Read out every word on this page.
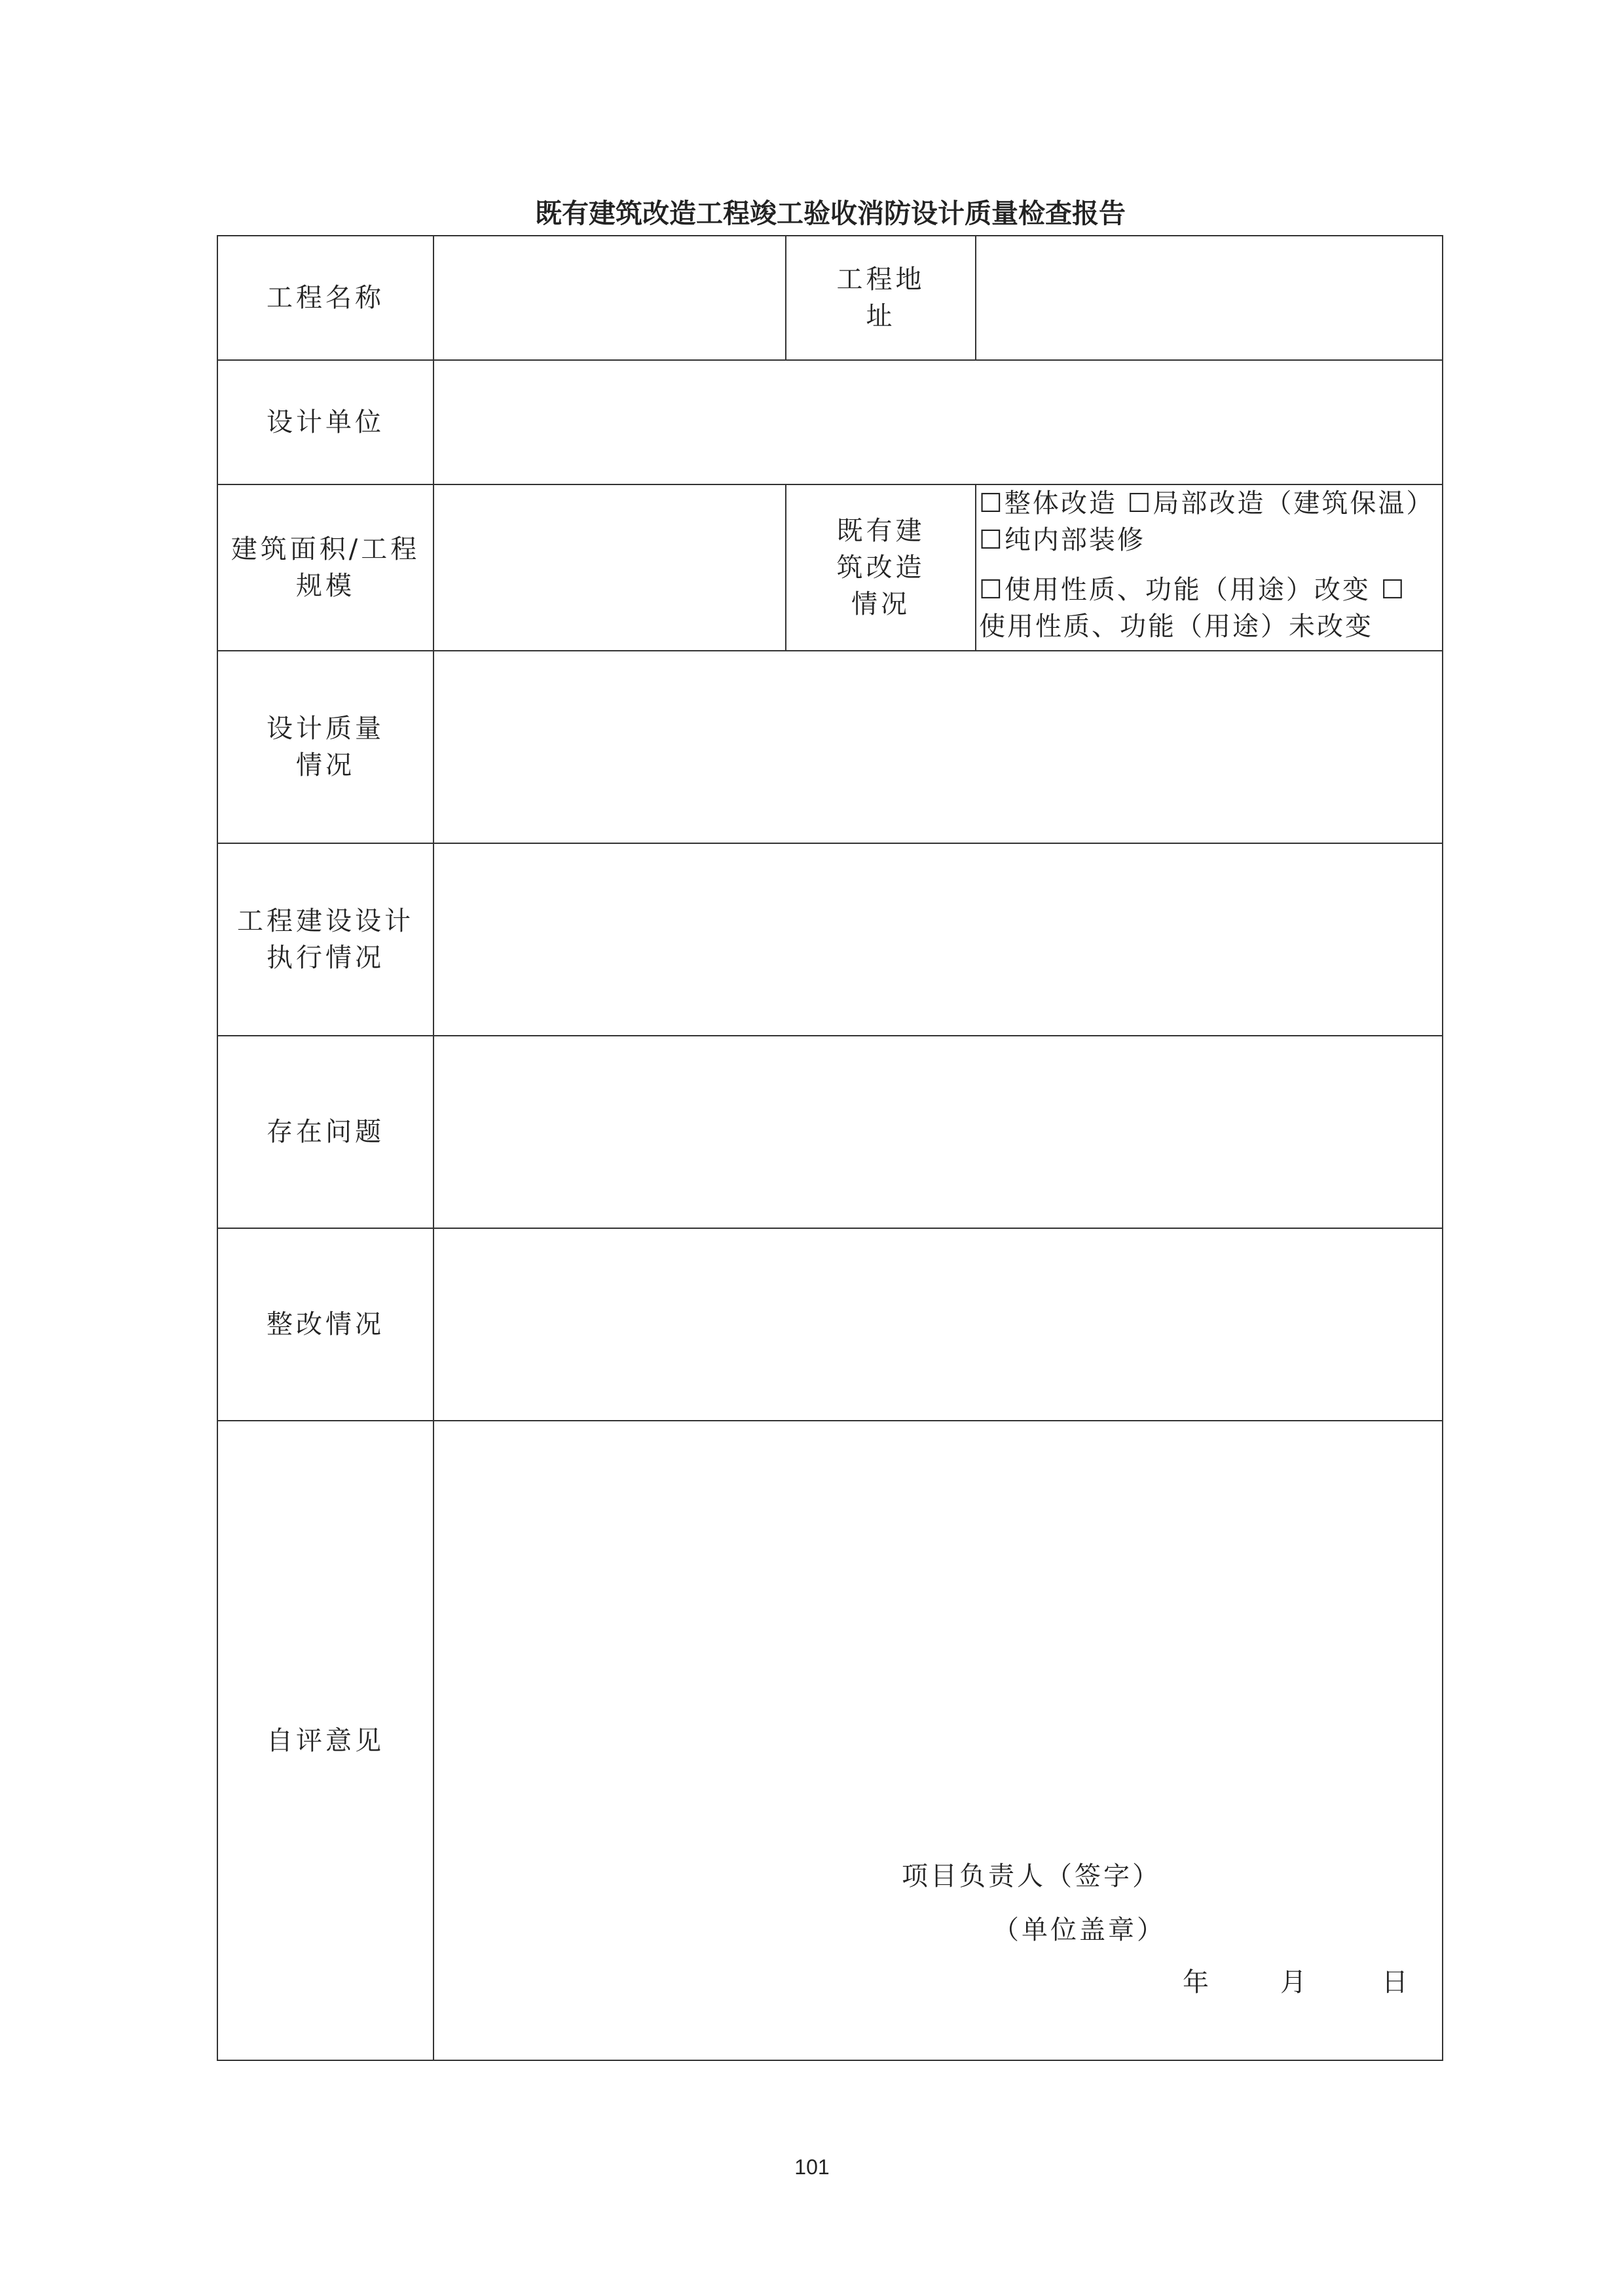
既有建筑改造工程竣工验收消防设计质量检查报告
工程名称
工程地
址
设计单位
建筑面积/工程
规模
既有建
筑改造
情况
☐整体改造 ☐局部改造（建筑保温）
☐纯内部装修
☐使用性质、功能（用途）改变 ☐
使用性质、功能（用途）未改变
设计质量
情况
工程建设设计
执行情况
存在问题
整改情况
自评意见
项目负责人（签字）
（单位盖章）
年	月	日
101
